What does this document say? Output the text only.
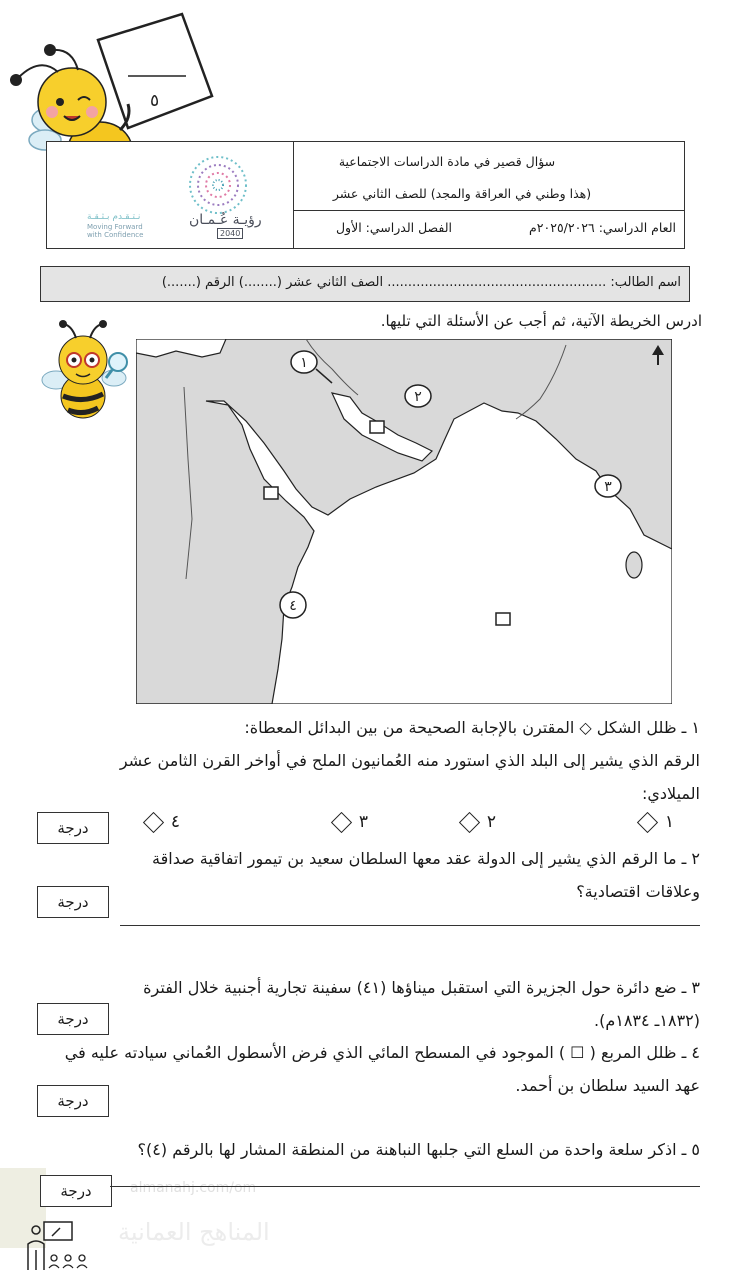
٥
سؤال قصير في مادة الدراسات الاجتماعية
(هذا وطني في العراقة والمجد) للصف الثاني عشر
العام الدراسي: ٢٠٢٥/٢٠٢٦م
الفصل الدراسي: الأول
رؤيـة عُـمـان
2040
نـتـقـدم بـثـقـة
Moving Forward
with Confidence
اسم الطالب: ..................................................... الصف الثاني عشر (........) الرقم (.......)
ادرس الخريطة الآتية، ثم أجب عن الأسئلة التي تليها.
١
٢
٣
٤
١ ـ ظلل الشكل ◇ المقترن بالإجابة الصحيحة من بين البدائل المعطاة:
الرقم الذي يشير إلى البلد الذي استورد منه العُمانيون الملح في أواخر القرن الثامن عشر
الميلادي:
١
٢
٣
٤
درجة
٢ ـ ما الرقم الذي يشير إلى الدولة عقد معها السلطان سعيد بن تيمور اتفاقية صداقة
وعلاقات اقتصادية؟
درجة
٣ ـ ضع دائرة حول الجزيرة التي استقبل ميناؤها (٤١) سفينة تجارية أجنبية خلال الفترة
(١٨٣٢ـ ١٨٣٤م).
درجة
٤ ـ ظلل المربع ( ☐ ) الموجود في المسطح المائي الذي فرض الأسطول العُماني سيادته عليه في
عهد السيد سلطان بن أحمد.
درجة
٥ ـ اذكر سلعة واحدة من السلع التي جلبها النباهنة من المنطقة المشار لها بالرقم (٤)؟
almanahj.com/om
المناهج العمانية
درجة
